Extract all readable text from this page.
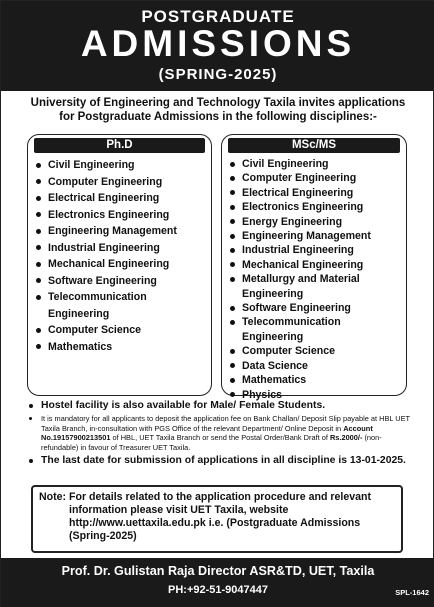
POSTGRADUATE
ADMISSIONS
(SPRING-2025)
University of Engineering and Technology Taxila invites applications
for Postgraduate Admissions in the following disciplines:-
Ph.D
Civil Engineering
Computer Engineering
Electrical Engineering
Electronics Engineering
Engineering Management
Industrial Engineering
Mechanical Engineering
Software Engineering
Telecommunication Engineering
Computer Science
Mathematics
MSc/MS
Civil Engineering
Computer Engineering
Electrical Engineering
Electronics Engineering
Energy Engineering
Engineering Management
Industrial Engineering
Mechanical Engineering
Metallurgy and Material
Engineering
Software Engineering
Telecommunication Engineering
Computer Science
Data Science
Mathematics
Physics
Hostel facility is also available for Male/ Female Students.
It is mandatory for all applicants to deposit the application fee on Bank Challan/ Deposit Slip payable at HBL UET Taxila Branch, in-consultation with PGS Office of the relevant Department/ Online Deposit in Account No.19157900213501 of HBL, UET Taxila Branch or send the Postal Order/Bank Draft of Rs.2000/- (non-refundable) in favour of Treasurer UET Taxila.
The last date for submission of applications in all discipline is 13-01-2025.
Note: For details related to the application procedure and relevant information please visit UET Taxila, website http://www.uettaxila.edu.pk i.e. (Postgraduate Admissions (Spring-2025)
Prof. Dr. Gulistan Raja Director ASR&TD, UET, Taxila
PH:+92-51-9047447	SPL-1642
